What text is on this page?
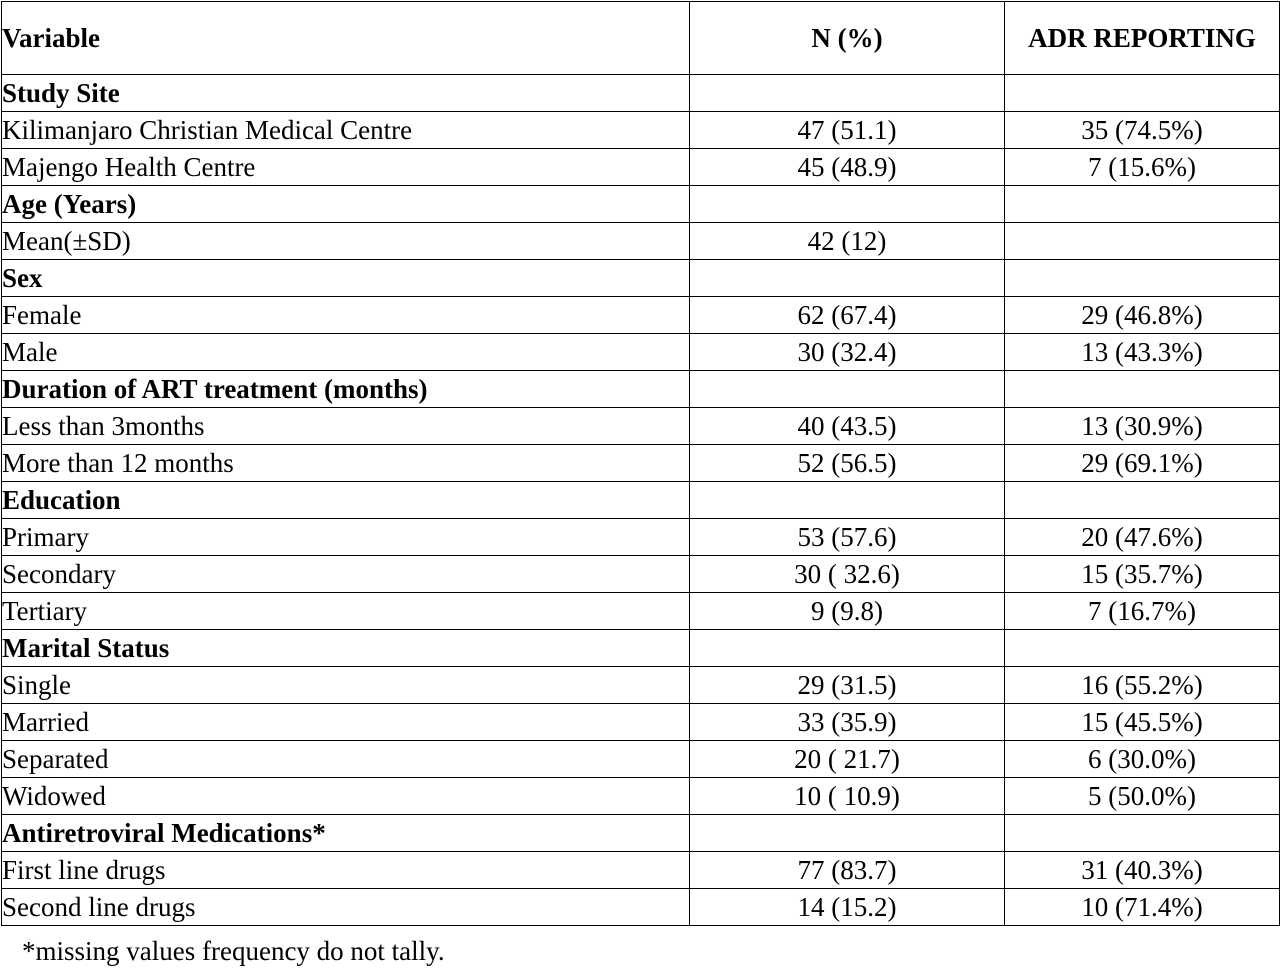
Variable	N (%)	ADR REPORTING
Study Site		
Kilimanjaro Christian Medical Centre	47 (51.1)	35 (74.5%)
Majengo Health Centre	45 (48.9)	7 (15.6%)
Age (Years)		
Mean(±SD)	42 (12)	
Sex		
Female	62 (67.4)	29 (46.8%)
Male	30 (32.4)	13 (43.3%)
Duration of ART treatment (months)		
Less than 3months	40 (43.5)	13 (30.9%)
More than 12 months	52 (56.5)	29 (69.1%)
Education		
Primary	53 (57.6)	20 (47.6%)
Secondary	30 ( 32.6)	15 (35.7%)
Tertiary	9 (9.8)	7 (16.7%)
Marital Status		
Single	29 (31.5)	16 (55.2%)
Married	33 (35.9)	15 (45.5%)
Separated	20 ( 21.7)	6 (30.0%)
Widowed	10 ( 10.9)	5 (50.0%)
Antiretroviral Medications*		
First line drugs	77 (83.7)	31 (40.3%)
Second line drugs	14 (15.2)	10 (71.4%)
*missing values frequency do not tally.
